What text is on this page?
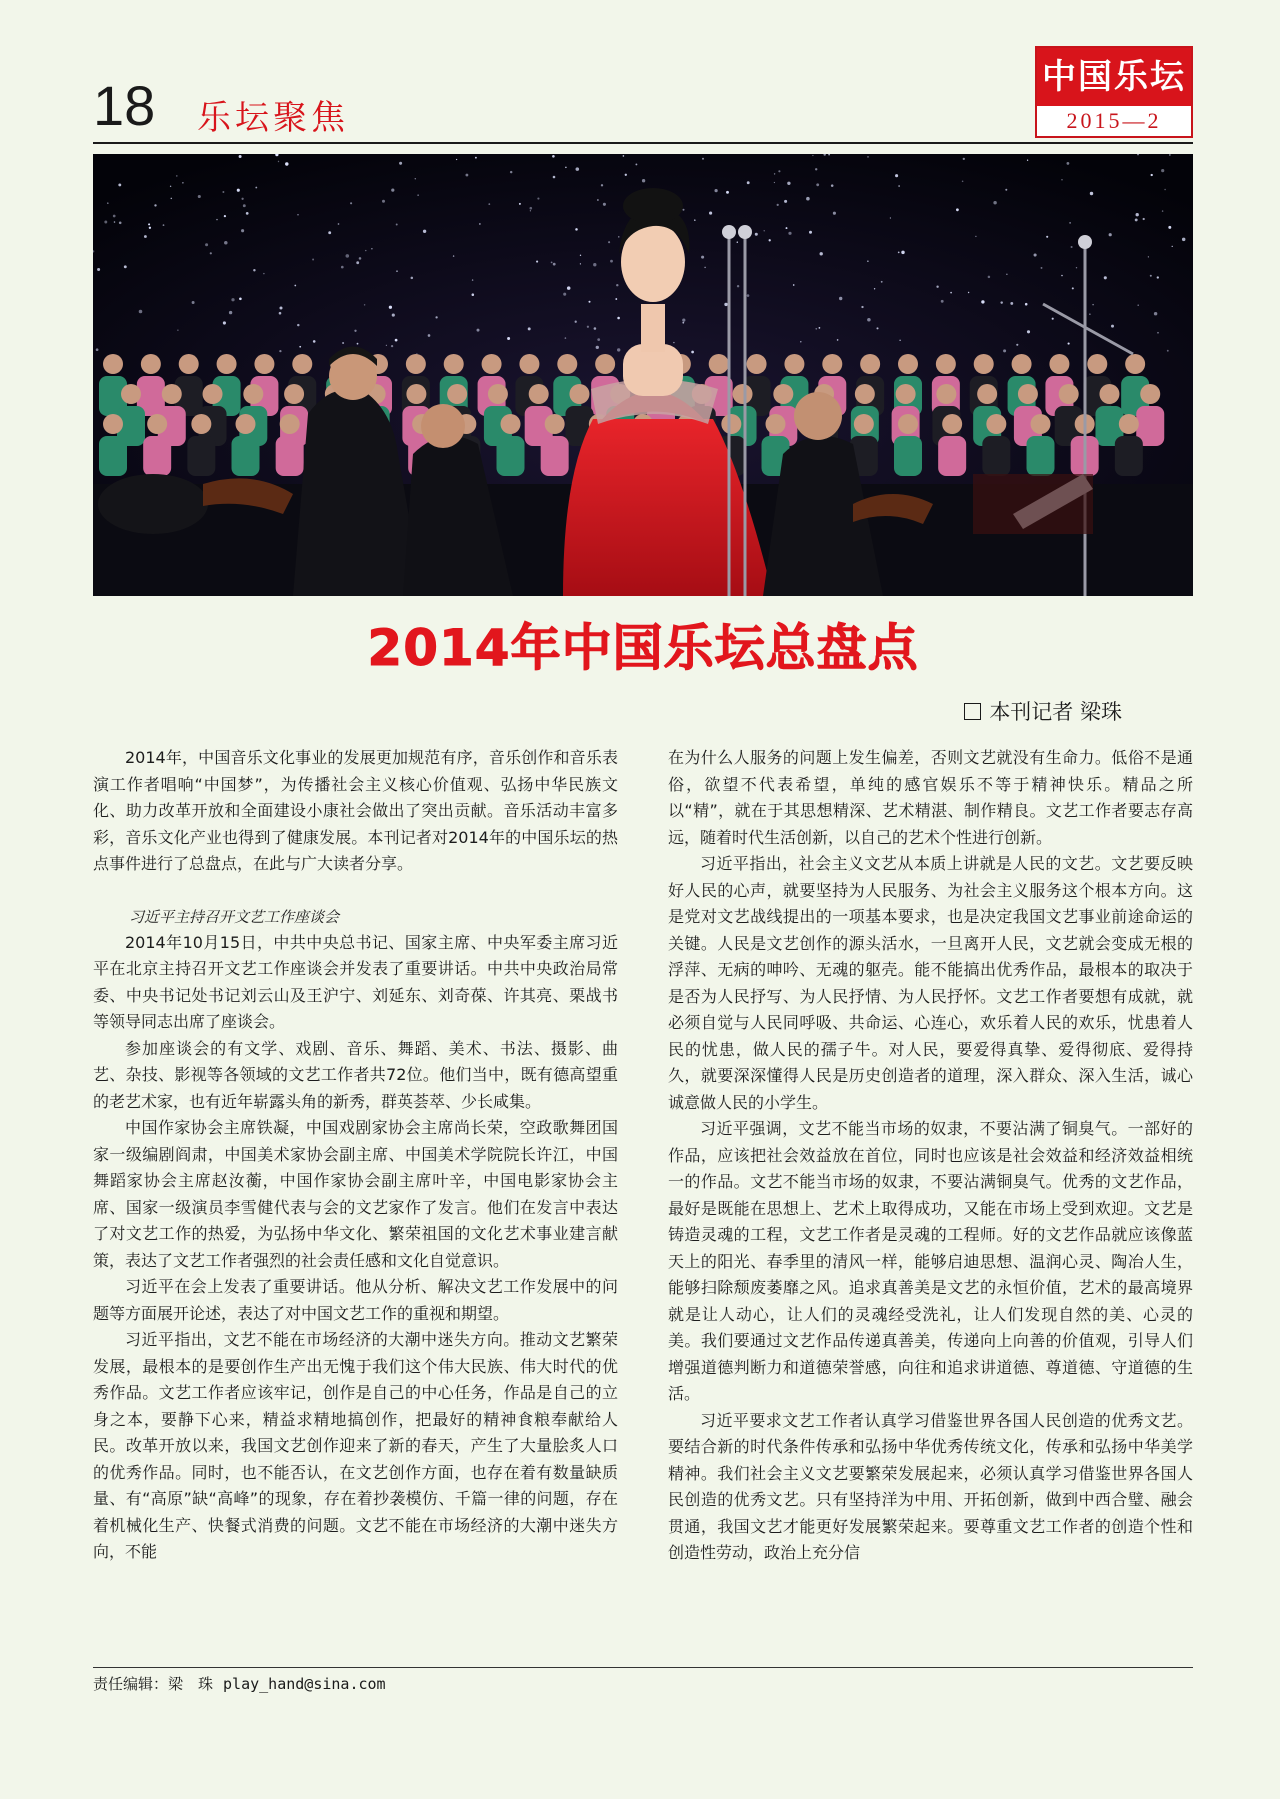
18 乐坛聚焦
中国乐坛
2015—2
2014年中国乐坛总盘点
本刊记者 梁珠

2014年，中国音乐文化事业的发展更加规范有序，音乐创作和音乐表演工作者唱响“中国梦”，为传播社会主义核心价值观、弘扬中华民族文化、助力改革开放和全面建设小康社会做出了突出贡献。音乐活动丰富多彩，音乐文化产业也得到了健康发展。本刊记者对2014年的中国乐坛的热点事件进行了总盘点，在此与广大读者分享。

习近平主持召开文艺工作座谈会

2014年10月15日，中共中央总书记、国家主席、中央军委主席习近平在北京主持召开文艺工作座谈会并发表了重要讲话。中共中央政治局常委、中央书记处书记刘云山及王沪宁、刘延东、刘奇葆、许其亮、栗战书等领导同志出席了座谈会。

参加座谈会的有文学、戏剧、音乐、舞蹈、美术、书法、摄影、曲艺、杂技、影视等各领域的文艺工作者共72位。他们当中，既有德高望重的老艺术家，也有近年崭露头角的新秀，群英荟萃、少长咸集。

中国作家协会主席铁凝，中国戏剧家协会主席尚长荣，空政歌舞团国家一级编剧阎肃，中国美术家协会副主席、中国美术学院院长许江，中国舞蹈家协会主席赵汝蘅，中国作家协会副主席叶辛，中国电影家协会主席、国家一级演员李雪健代表与会的文艺家作了发言。他们在发言中表达了对文艺工作的热爱，为弘扬中华文化、繁荣祖国的文化艺术事业建言献策，表达了文艺工作者强烈的社会责任感和文化自觉意识。

习近平在会上发表了重要讲话。他从分析、解决文艺工作发展中的问题等方面展开论述，表达了对中国文艺工作的重视和期望。

习近平指出，文艺不能在市场经济的大潮中迷失方向。推动文艺繁荣发展，最根本的是要创作生产出无愧于我们这个伟大民族、伟大时代的优秀作品。文艺工作者应该牢记，创作是自己的中心任务，作品是自己的立身之本，要静下心来，精益求精地搞创作，把最好的精神食粮奉献给人民。改革开放以来，我国文艺创作迎来了新的春天，产生了大量脍炙人口的优秀作品。同时，也不能否认，在文艺创作方面，也存在着有数量缺质量、有“高原”缺“高峰”的现象，存在着抄袭模仿、千篇一律的问题，存在着机械化生产、快餐式消费的问题。文艺不能在市场经济的大潮中迷失方向，不能

在为什么人服务的问题上发生偏差，否则文艺就没有生命力。低俗不是通俗，欲望不代表希望，单纯的感官娱乐不等于精神快乐。精品之所以“精”，就在于其思想精深、艺术精湛、制作精良。文艺工作者要志存高远，随着时代生活创新，以自己的艺术个性进行创新。

习近平指出，社会主义文艺从本质上讲就是人民的文艺。文艺要反映好人民的心声，就要坚持为人民服务、为社会主义服务这个根本方向。这是党对文艺战线提出的一项基本要求，也是决定我国文艺事业前途命运的关键。人民是文艺创作的源头活水，一旦离开人民，文艺就会变成无根的浮萍、无病的呻吟、无魂的躯壳。能不能搞出优秀作品，最根本的取决于是否为人民抒写、为人民抒情、为人民抒怀。文艺工作者要想有成就，就必须自觉与人民同呼吸、共命运、心连心，欢乐着人民的欢乐，忧患着人民的忧患，做人民的孺子牛。对人民，要爱得真挚、爱得彻底、爱得持久，就要深深懂得人民是历史创造者的道理，深入群众、深入生活，诚心诚意做人民的小学生。

习近平强调，文艺不能当市场的奴隶，不要沾满了铜臭气。一部好的作品，应该把社会效益放在首位，同时也应该是社会效益和经济效益相统一的作品。文艺不能当市场的奴隶，不要沾满铜臭气。优秀的文艺作品，最好是既能在思想上、艺术上取得成功，又能在市场上受到欢迎。文艺是铸造灵魂的工程，文艺工作者是灵魂的工程师。好的文艺作品就应该像蓝天上的阳光、春季里的清风一样，能够启迪思想、温润心灵、陶冶人生，能够扫除颓废萎靡之风。追求真善美是文艺的永恒价值，艺术的最高境界就是让人动心，让人们的灵魂经受洗礼，让人们发现自然的美、心灵的美。我们要通过文艺作品传递真善美，传递向上向善的价值观，引导人们增强道德判断力和道德荣誉感，向往和追求讲道德、尊道德、守道德的生活。

习近平要求文艺工作者认真学习借鉴世界各国人民创造的优秀文艺。要结合新的时代条件传承和弘扬中华优秀传统文化，传承和弘扬中华美学精神。我们社会主义文艺要繁荣发展起来，必须认真学习借鉴世界各国人民创造的优秀文艺。只有坚持洋为中用、开拓创新，做到中西合璧、融会贯通，我国文艺才能更好发展繁荣起来。要尊重文艺工作者的创造个性和创造性劳动，政治上充分信

责任编辑：梁　珠 play_hand@sina.com
